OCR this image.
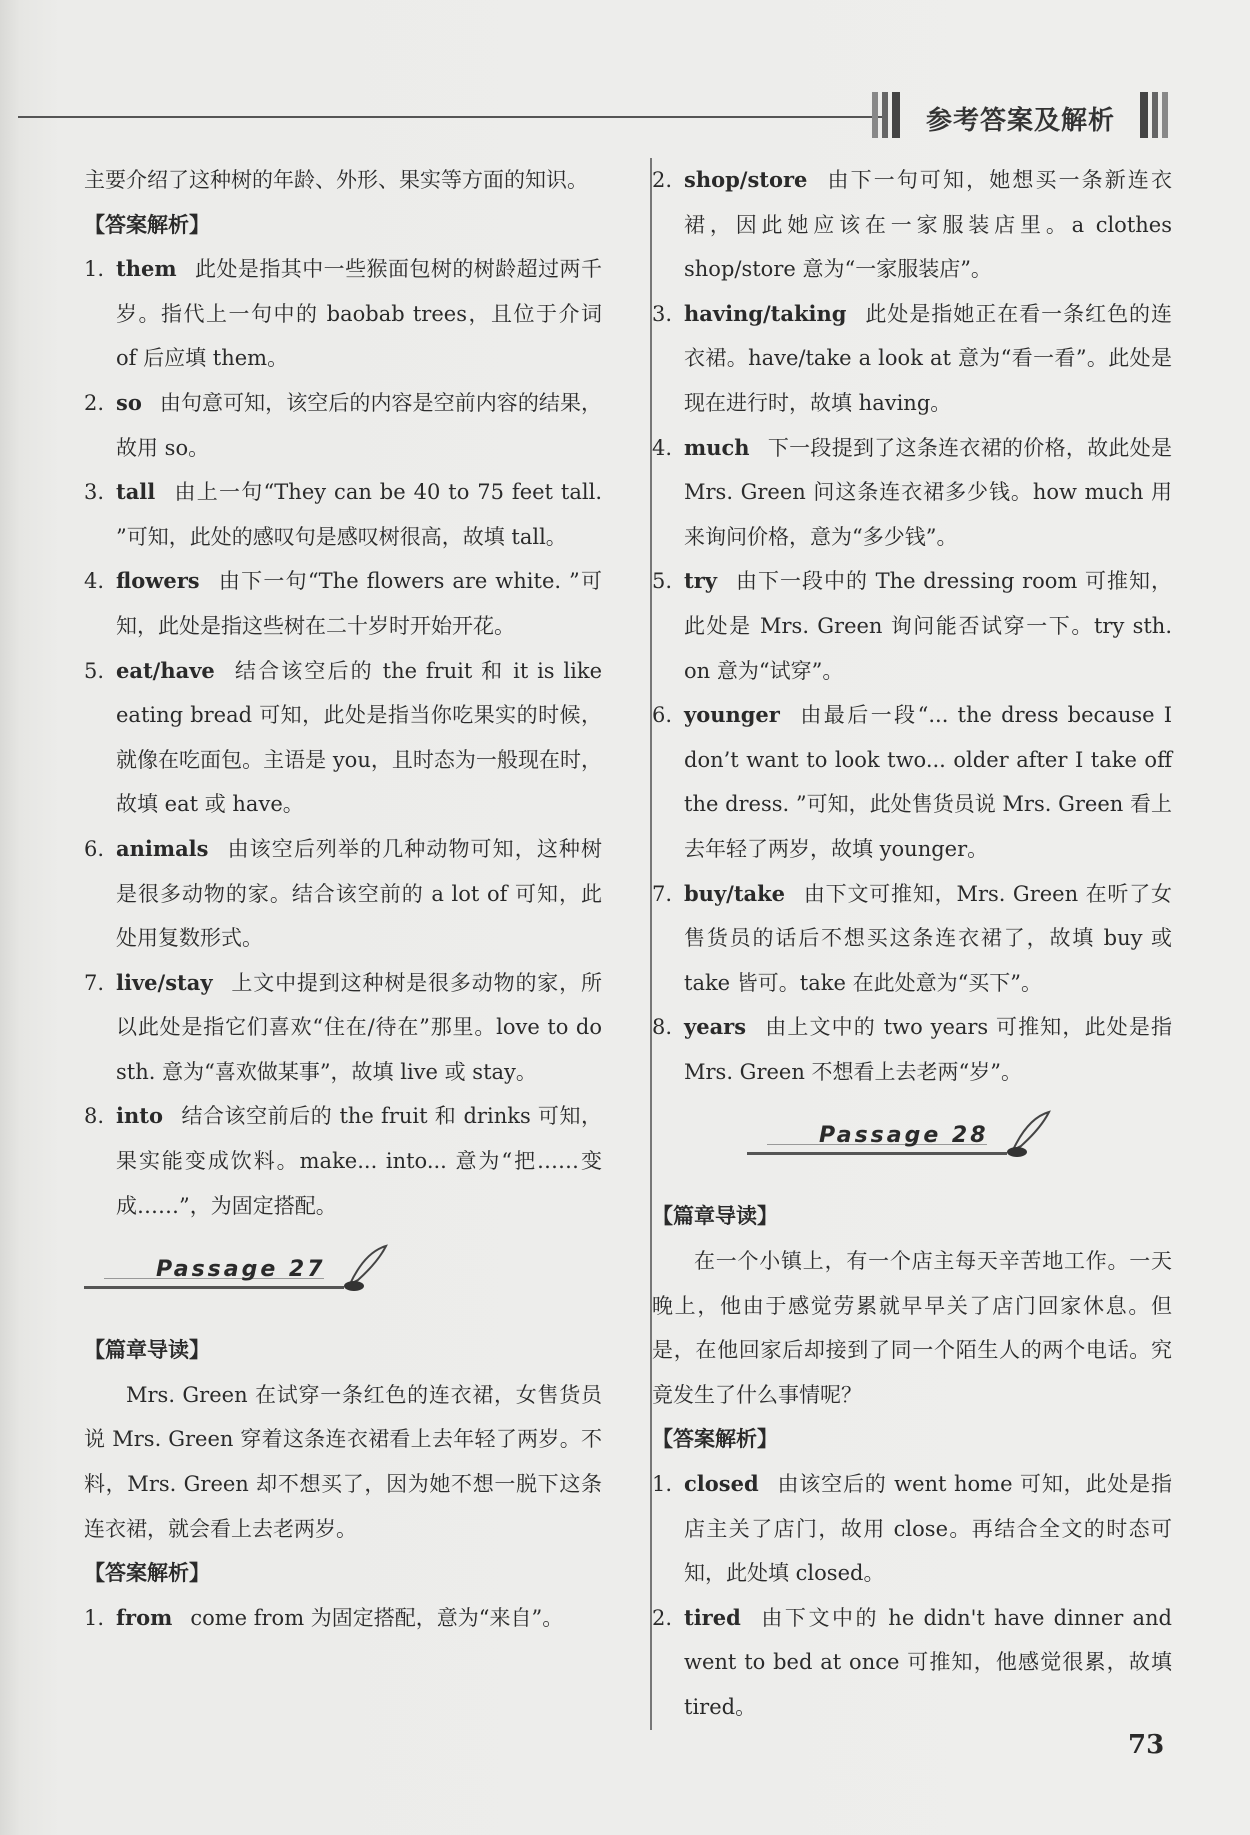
参考答案及解析

主要介绍了这种树的年龄、外形、果实等方面的知识。

【答案解析】

1. them 此处是指其中一些猴面包树的树龄超过两千岁。指代上一句中的 baobab trees，且位于介词 of 后应填 them。
2. so 由句意可知，该空后的内容是空前内容的结果，故用 so。
3. tall 由上一句“They can be 40 to 75 feet tall. ”可知，此处的感叹句是感叹树很高，故填 tall。
4. flowers 由下一句“The flowers are white. ”可知，此处是指这些树在二十岁时开始开花。
5. eat/have 结合该空后的 the fruit 和 it is like eating bread 可知，此处是指当你吃果实的时候，就像在吃面包。主语是 you，且时态为一般现在时，故填 eat 或 have。
6. animals 由该空后列举的几种动物可知，这种树是很多动物的家。结合该空前的 a lot of 可知，此处用复数形式。
7. live/stay 上文中提到这种树是很多动物的家，所以此处是指它们喜欢“住在/待在”那里。love to do sth. 意为“喜欢做某事”，故填 live 或 stay。
8. into 结合该空前后的 the fruit 和 drinks 可知，果实能变成饮料。make... into... 意为“把……变成……”，为固定搭配。
Passage 27

【篇章导读】

Mrs. Green 在试穿一条红色的连衣裙，女售货员说 Mrs. Green 穿着这条连衣裙看上去年轻了两岁。不料，Mrs. Green 却不想买了，因为她不想一脱下这条连衣裙，就会看上去老两岁。

【答案解析】

1. from come from 为固定搭配，意为“来自”。
2. shop/store 由下一句可知，她想买一条新连衣裙，因此她应该在一家服装店里。a clothes shop/store 意为“一家服装店”。
3. having/taking 此处是指她正在看一条红色的连衣裙。have/take a look at 意为“看一看”。此处是现在进行时，故填 having。
4. much 下一段提到了这条连衣裙的价格，故此处是 Mrs. Green 问这条连衣裙多少钱。how much 用来询问价格，意为“多少钱”。
5. try 由下一段中的 The dressing room 可推知，此处是 Mrs. Green 询问能否试穿一下。try sth. on 意为“试穿”。
6. younger 由最后一段“... the dress because I don’t want to look two... older after I take off the dress. ”可知，此处售货员说 Mrs. Green 看上去年轻了两岁，故填 younger。
7. buy/take 由下文可推知，Mrs. Green 在听了女售货员的话后不想买这条连衣裙了，故填 buy 或 take 皆可。take 在此处意为“买下”。
8. years 由上文中的 two years 可推知，此处是指 Mrs. Green 不想看上去老两“岁”。
Passage 28

【篇章导读】

在一个小镇上，有一个店主每天辛苦地工作。一天晚上，他由于感觉劳累就早早关了店门回家休息。但是，在他回家后却接到了同一个陌生人的两个电话。究竟发生了什么事情呢？

【答案解析】

1. closed 由该空后的 went home 可知，此处是指店主关了店门，故用 close。再结合全文的时态可知，此处填 closed。
2. tired 由下文中的 he didn't have dinner and went to bed at once 可推知，他感觉很累，故填 tired。
73
